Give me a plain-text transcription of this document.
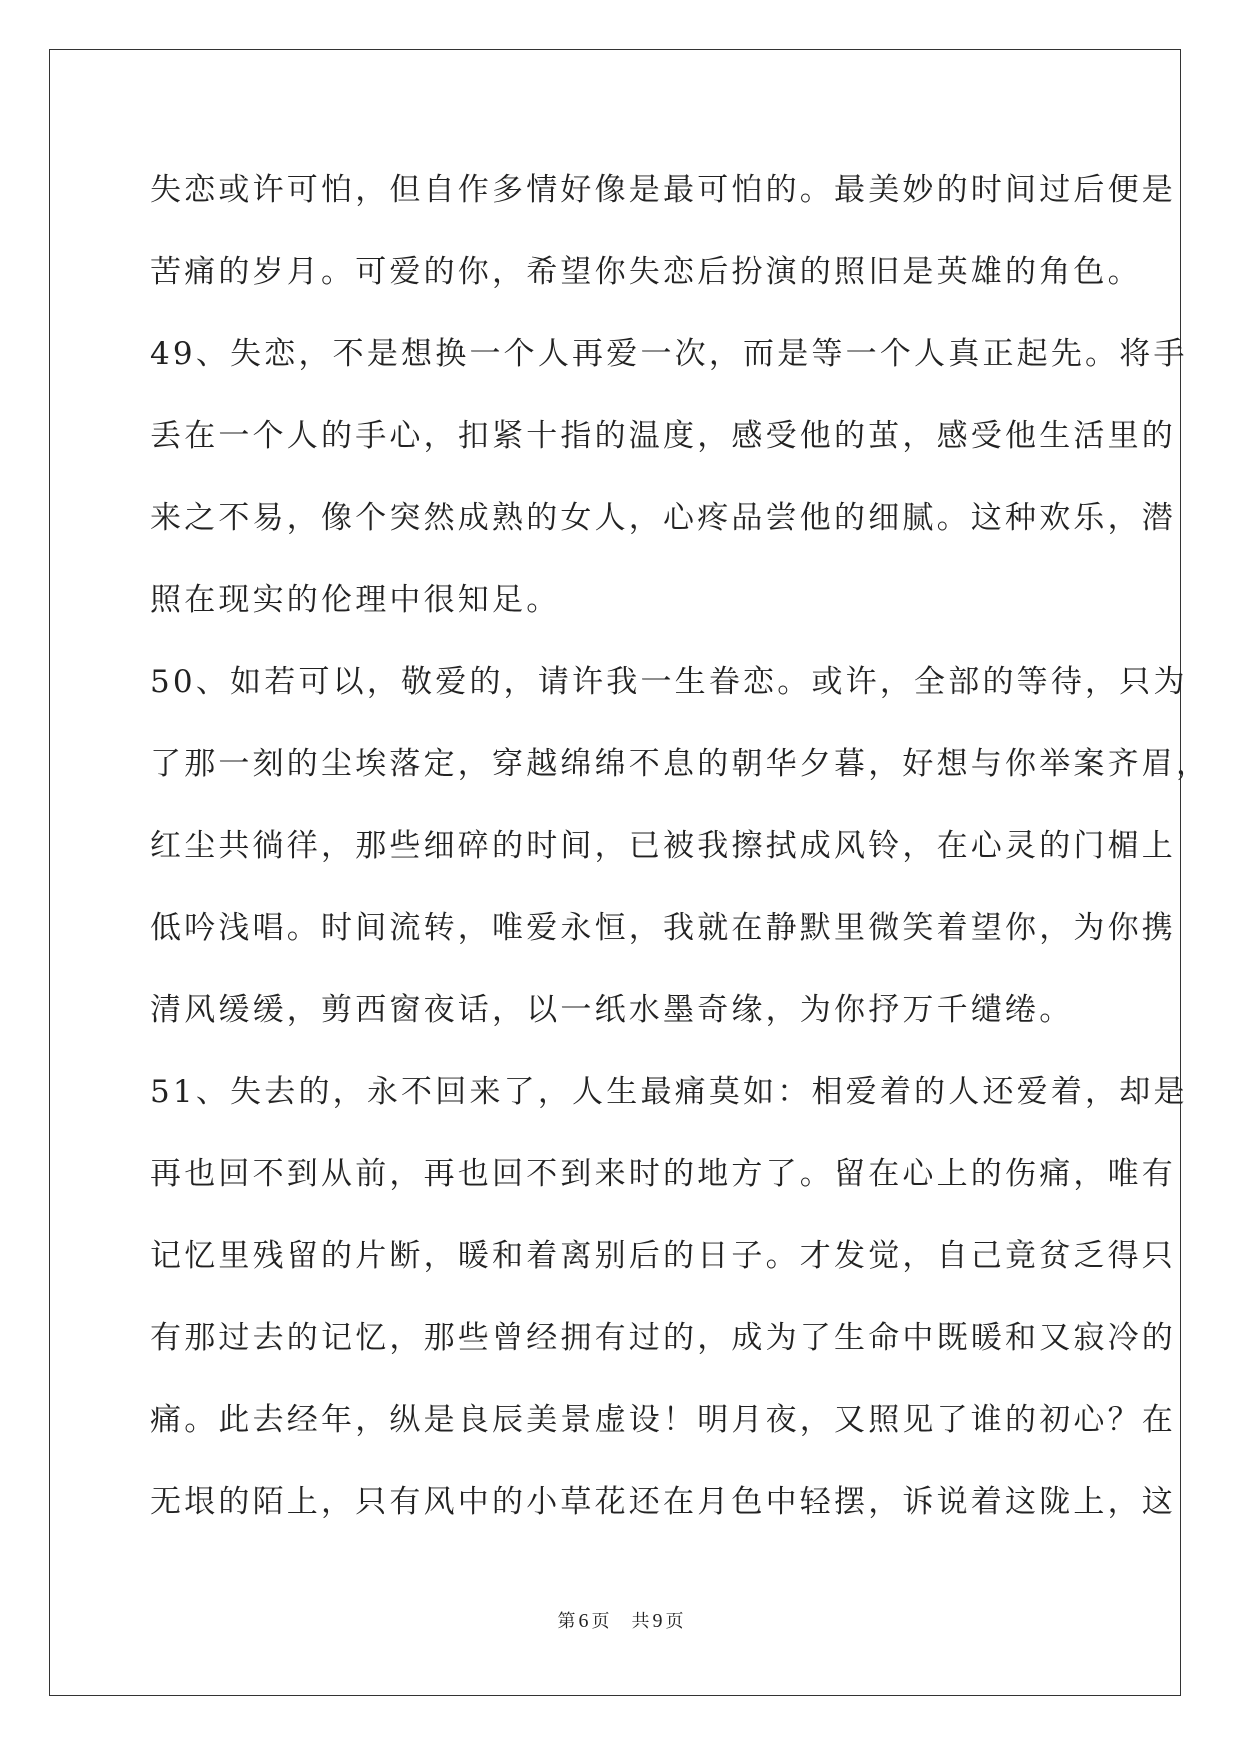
失恋或许可怕，但自作多情好像是最可怕的。最美妙的时间过后便是
苦痛的岁月。可爱的你，希望你失恋后扮演的照旧是英雄的角色。
49、失恋，不是想换一个人再爱一次，而是等一个人真正起先。将手
丢在一个人的手心，扣紧十指的温度，感受他的茧，感受他生活里的
来之不易，像个突然成熟的女人，心疼品尝他的细腻。这种欢乐，潜
照在现实的伦理中很知足。
50、如若可以，敬爱的，请许我一生眷恋。或许，全部的等待，只为
了那一刻的尘埃落定，穿越绵绵不息的朝华夕暮，好想与你举案齐眉，
红尘共徜徉，那些细碎的时间，已被我擦拭成风铃，在心灵的门楣上
低吟浅唱。时间流转，唯爱永恒，我就在静默里微笑着望你，为你携
清风缓缓，剪西窗夜话，以一纸水墨奇缘，为你抒万千缱绻。
51、失去的，永不回来了，人生最痛莫如：相爱着的人还爱着，却是
再也回不到从前，再也回不到来时的地方了。留在心上的伤痛，唯有
记忆里残留的片断，暖和着离别后的日子。才发觉，自己竟贫乏得只
有那过去的记忆，那些曾经拥有过的，成为了生命中既暖和又寂冷的
痛。此去经年，纵是良辰美景虚设！明月夜，又照见了谁的初心？在
无垠的陌上，只有风中的小草花还在月色中轻摆，诉说着这陇上，这
第 6 页 共 9 页
